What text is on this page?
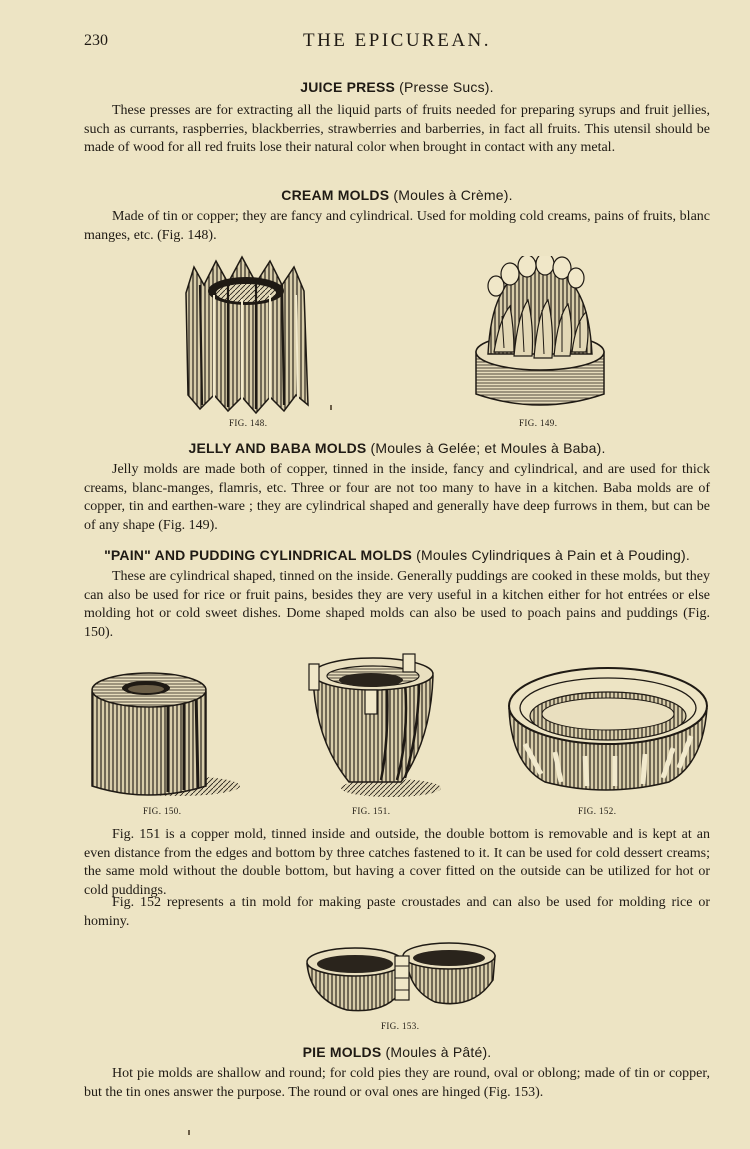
230	THE EPICUREAN.
JUICE PRESS (Presse Sucs).

These presses are for extracting all the liquid parts of fruits needed for preparing syrups and fruit jellies, such as currants, raspberries, blackberries, strawberries and barberries, in fact all fruits. This utensil should be made of wood for all red fruits lose their natural color when brought in contact with any metal.

CREAM MOLDS (Moules à Crème).

Made of tin or copper; they are fancy and cylindrical. Used for molding cold creams, pains of fruits, blanc manges, etc. (Fig. 148).

FIG. 148.	FIG. 149.
JELLY AND BABA MOLDS (Moules à Gelée; et Moules à Baba).

Jelly molds are made both of copper, tinned in the inside, fancy and cylindrical, and are used for thick creams, blanc-manges, flamris, etc. Three or four are not too many to have in a kitchen. Baba molds are of copper, tin and earthen-ware ; they are cylindrical shaped and generally have deep furrows in them, but can be of any shape (Fig. 149).

"PAIN" AND PUDDING CYLINDRICAL MOLDS (Moules Cylindriques à Pain et à Pouding).

These are cylindrical shaped, tinned on the inside. Generally puddings are cooked in these molds, but they can also be used for rice or fruit pains, besides they are very useful in a kitchen either for hot entrées or else molding hot or cold sweet dishes. Dome shaped molds can also be used to poach pains and puddings (Fig. 150).

FIG. 150.	FIG. 151.	FIG. 152.

Fig. 151 is a copper mold, tinned inside and outside, the double bottom is removable and is kept at an even distance from the edges and bottom by three catches fastened to it. It can be used for cold dessert creams; the same mold without the double bottom, but having a cover fitted on the outside can be utilized for hot or cold puddings.

Fig. 152 represents a tin mold for making paste croustades and can also be used for molding rice or hominy.

FIG. 153.
PIE MOLDS (Moules à Pâté).

Hot pie molds are shallow and round; for cold pies they are round, oval or oblong; made of tin or copper, but the tin ones answer the purpose. The round or oval ones are hinged (Fig. 153).
